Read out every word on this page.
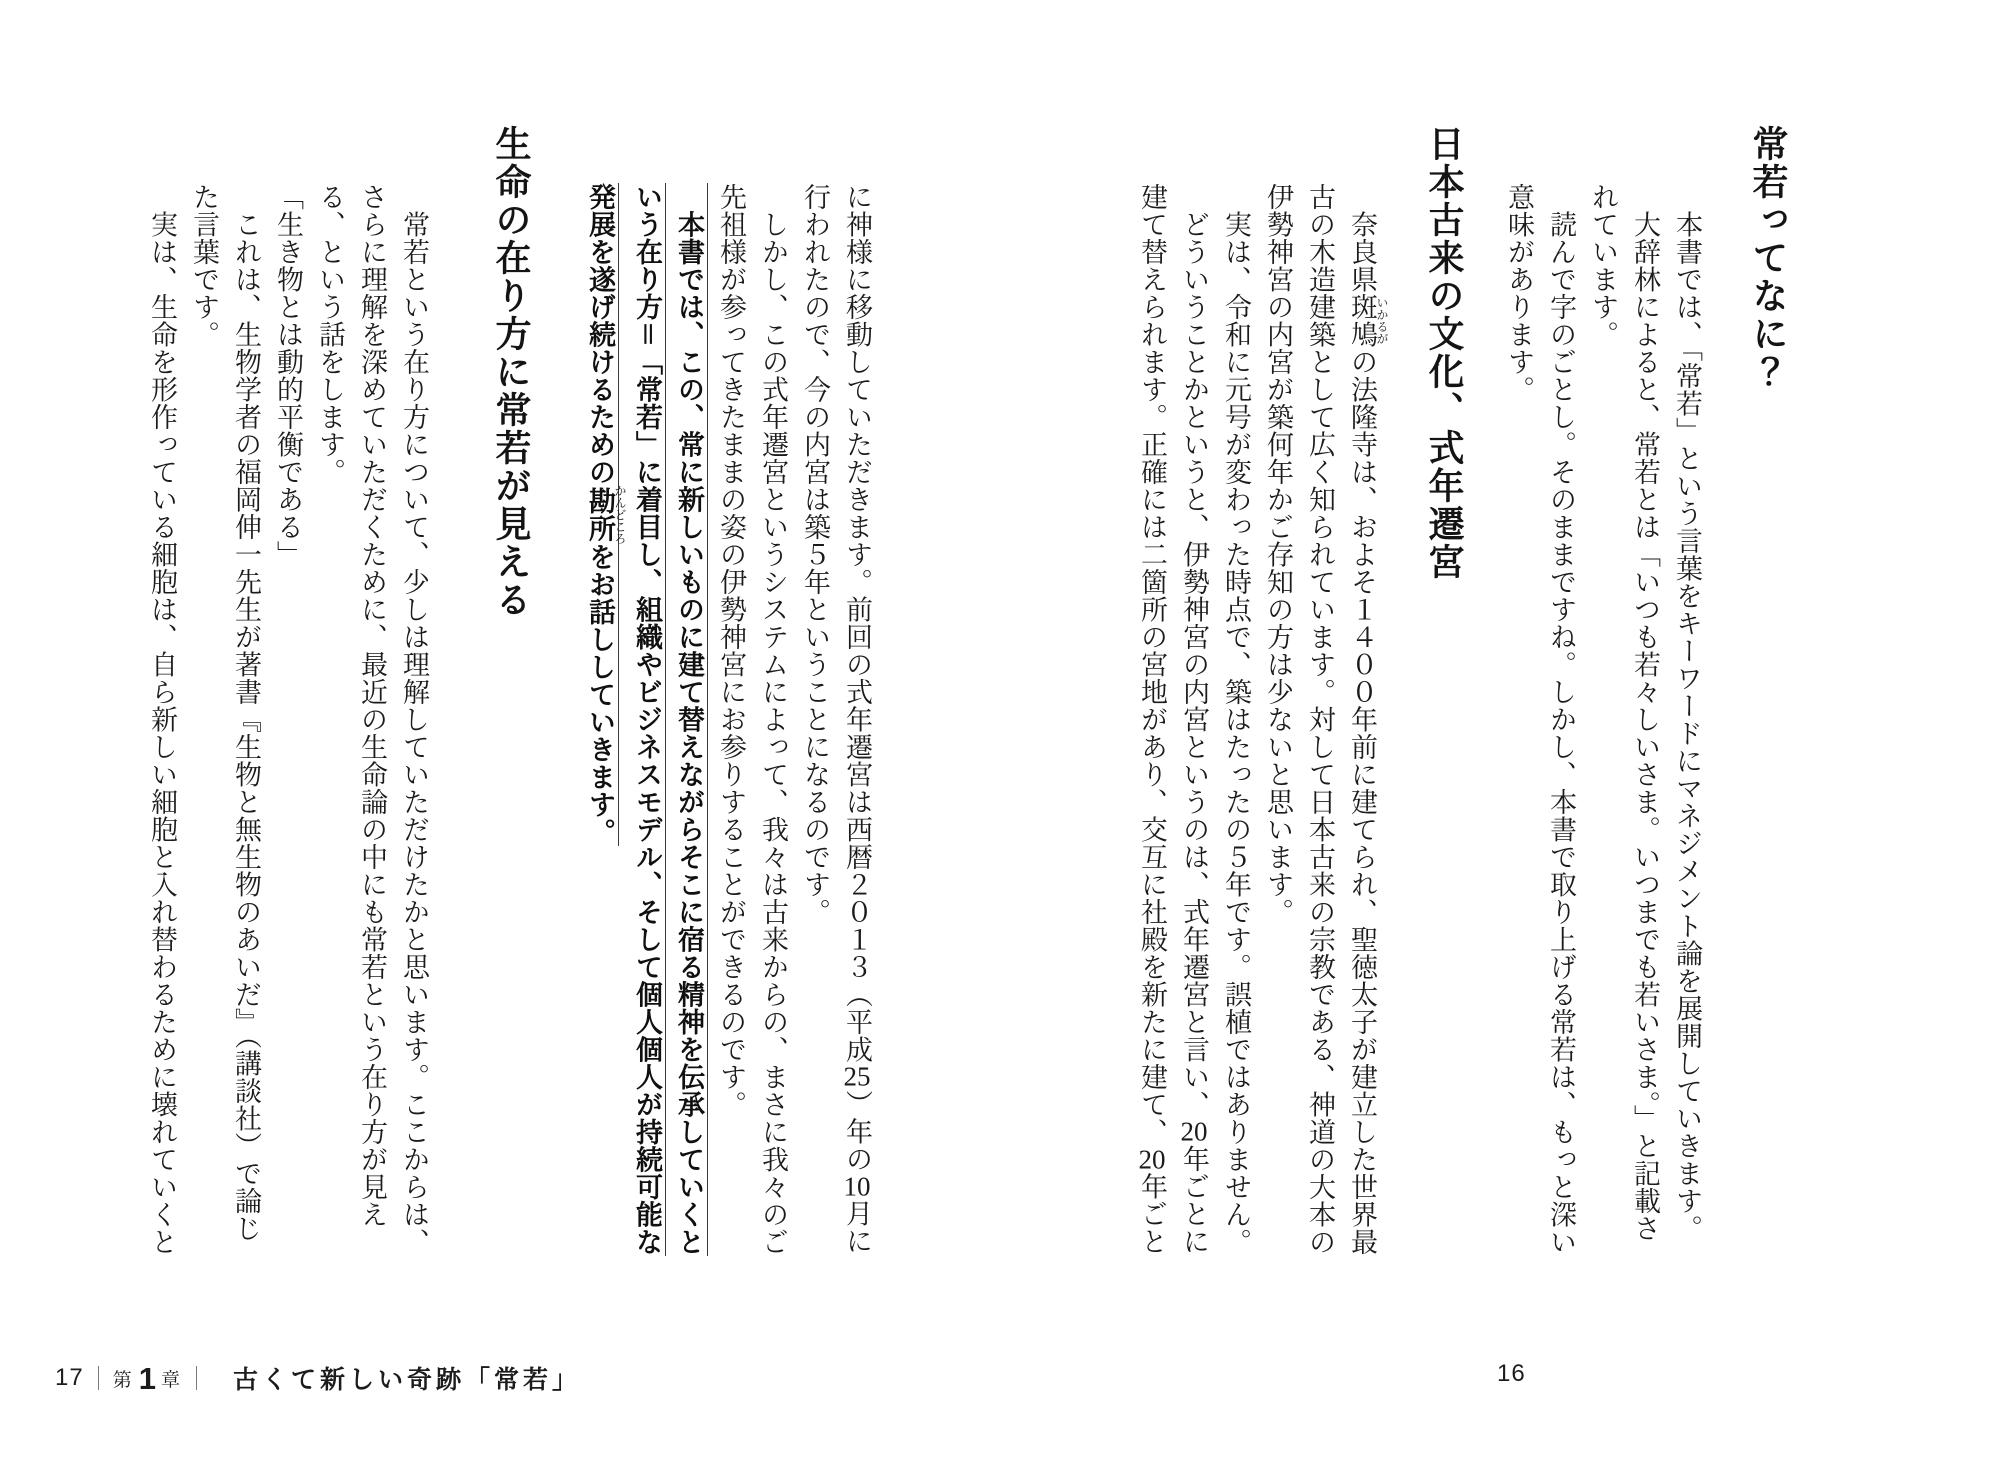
常若ってなに？
　本書では、「常若」という言葉をキーワードにマネジメント論を展開していきます。
　大辞林によると、常若とは「いつも若々しいさま。いつまでも若いさま。」と記載さ
れています。
　読んで字のごとし。そのままですね。しかし、本書で取り上げる常若は、もっと深い
意味があります。
日本古来の文化、式年遷宮
　奈良県斑鳩いかるがの法隆寺は、およそ１４００年前に建てられ、聖徳太子が建立した世界最
古の木造建築として広く知られています。対して日本古来の宗教である、神道の大本の
伊勢神宮の内宮が築何年かご存知の方は少ないと思います。
　実は、令和に元号が変わった時点で、築はたったの５年です。誤植ではありません。
　どういうことかというと、伊勢神宮の内宮というのは、式年遷宮と言い、20年ごとに
建て替えられます。正確には二箇所の宮地があり、交互に社殿を新たに建て、20年ごと
に神様に移動していただきます。前回の式年遷宮は西暦２０１３（平成25）年の10月に
行われたので、今の内宮は築５年ということになるのです。
　しかし、この式年遷宮というシステムによって、我々は古来からの、まさに我々のご
先祖様が参ってきたままの姿の伊勢神宮にお参りすることができるのです。
　本書では、この、常に新しいものに建て替えながらそこに宿る精神を伝承していくと
いう在り方＝「常若」に着目し、組織やビジネスモデル、そして個人個人が持続可能な
発展を遂げ続けるための勘所かんどころをお話ししていきます。
生命の在り方に常若が見える
　常若という在り方について、少しは理解していただけたかと思います。ここからは、
さらに理解を深めていただくために、最近の生命論の中にも常若という在り方が見え
る、という話をします。
「生き物とは動的平衡である」
　これは、生物学者の福岡伸一先生が著書『生物と無生物のあいだ』（講談社）で論じ
た言葉です。
　実は、生命を形作っている細胞は、自ら新しい細胞と入れ替わるために壊れていくと
17 第 1 章 古くて新しい奇跡「常若」	16
